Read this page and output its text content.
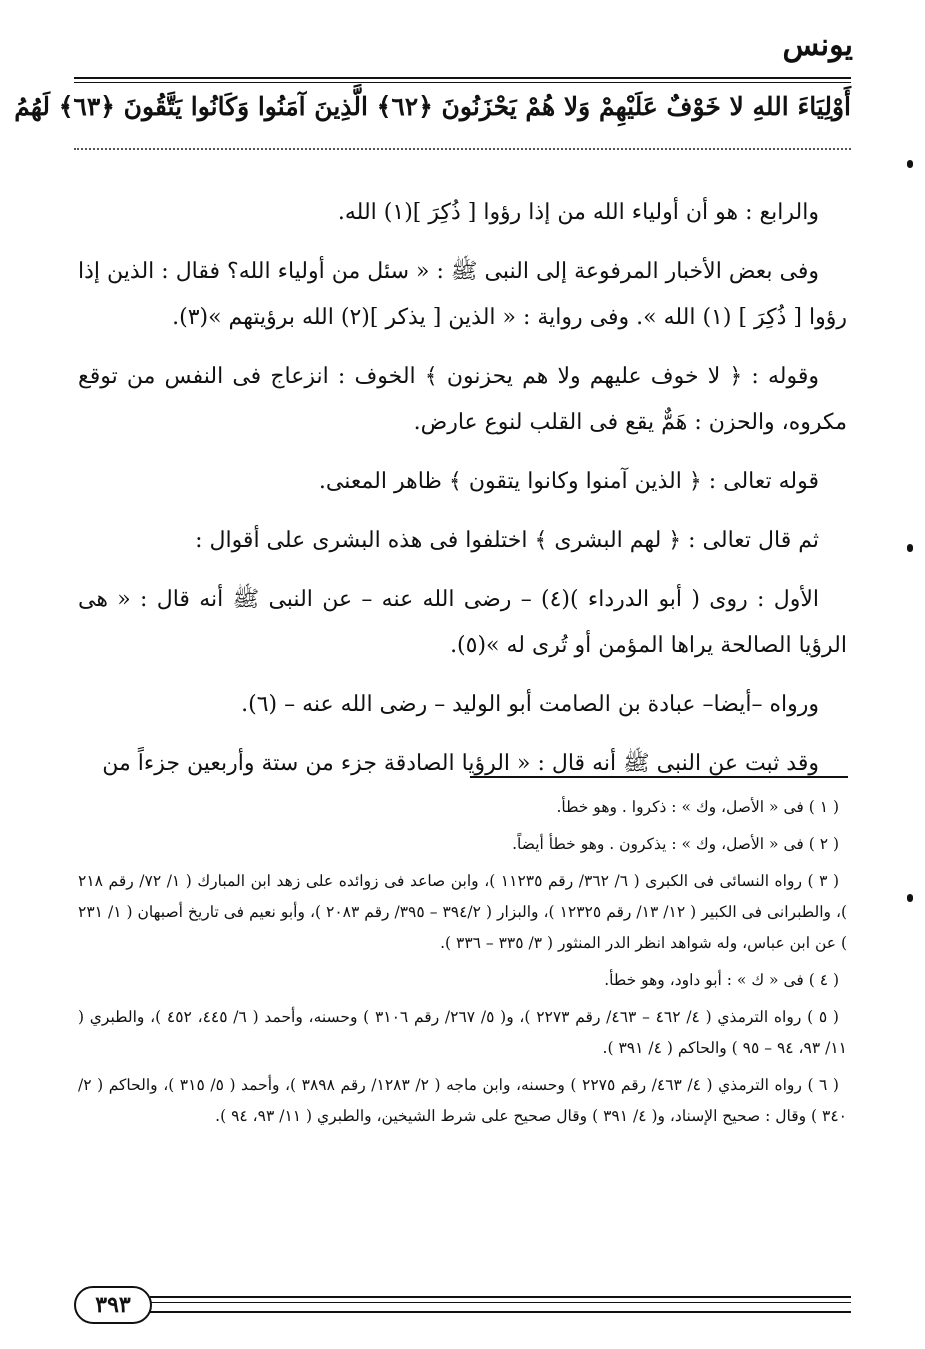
يونس
أَوْلِيَاءَ اللهِ لا خَوْفٌ عَلَيْهِمْ وَلا هُمْ يَحْزَنُونَ ﴿٦٢﴾ الَّذِينَ آمَنُوا وَكَانُوا يَتَّقُونَ ﴿٦٣﴾ لَهُمُ

والرابع : هو أن أولياء الله من إذا رؤوا [ ذُكِرَ ](١) الله.

وفى بعض الأخبار المرفوعة إلى النبى ﷺ : « سئل من أولياء الله؟ فقال : الذين إذا رؤوا [ ذُكِرَ ] (١) الله ». وفى رواية : « الذين [ يذكر ](٢) الله برؤيتهم »(٣).

وقوله : ﴿ لا خوف عليهم ولا هم يحزنون ﴾ الخوف : انزعاج فى النفس من توقع مكروه، والحزن : هَمٌّ يقع فى القلب لنوع عارض.

قوله تعالى : ﴿ الذين آمنوا وكانوا يتقون ﴾ ظاهر المعنى.

ثم قال تعالى : ﴿ لهم البشرى ﴾ اختلفوا فى هذه البشرى على أقوال :

الأول : روى ( أبو الدرداء )(٤) – رضى الله عنه – عن النبى ﷺ أنه قال : « هى الرؤيا الصالحة يراها المؤمن أو تُرى له »(٥).

ورواه –أيضا– عبادة بن الصامت أبو الوليد – رضى الله عنه – (٦).

وقد ثبت عن النبى ﷺ أنه قال : « الرؤيا الصادقة جزء من ستة وأربعين جزءاً من

( ١ ) فى « الأصل، وك » : ذكروا . وهو خطأ.

( ٢ ) فى « الأصل، وك » : يذكرون . وهو خطأ أيضاً.

( ٣ ) رواه النسائى فى الكبرى ( ٦/ ٣٦٢/ رقم ١١٢٣٥ )، وابن صاعد فى زوائده على زهد ابن المبارك ( ١/ ٧٢/ رقم ٢١٨ )، والطبرانى فى الكبير ( ١٢/ ١٣/ رقم ١٢٣٢٥ )، والبزار ( ٣٩٤/٢ – ٣٩٥/ رقم ٢٠٨٣ )، وأبو نعيم فى تاريخ أصبهان ( ١/ ٢٣١ ) عن ابن عباس، وله شواهد انظر الدر المنثور ( ٣/ ٣٣٥ – ٣٣٦ ).

( ٤ ) فى « ك » : أبو داود، وهو خطأ.

( ٥ ) رواه الترمذي ( ٤/ ٤٦٢ – ٤٦٣/ رقم ٢٢٧٣ )، و( ٥/ ٢٦٧/ رقم ٣١٠٦ ) وحسنه، وأحمد ( ٦/ ٤٤٥، ٤٥٢ )، والطبري ( ١١/ ٩٣، ٩٤ – ٩٥ ) والحاكم ( ٤/ ٣٩١ ).

( ٦ ) رواه الترمذي ( ٤/ ٤٦٣/ رقم ٢٢٧٥ ) وحسنه، وابن ماجه ( ٢/ ١٢٨٣/ رقم ٣٨٩٨ )، وأحمد ( ٥/ ٣١٥ )، والحاكم ( ٢/ ٣٤٠ ) وقال : صحيح الإسناد، و( ٤/ ٣٩١ ) وقال صحيح على شرط الشيخين، والطبري ( ١١/ ٩٣، ٩٤ ).

٣٩٣
